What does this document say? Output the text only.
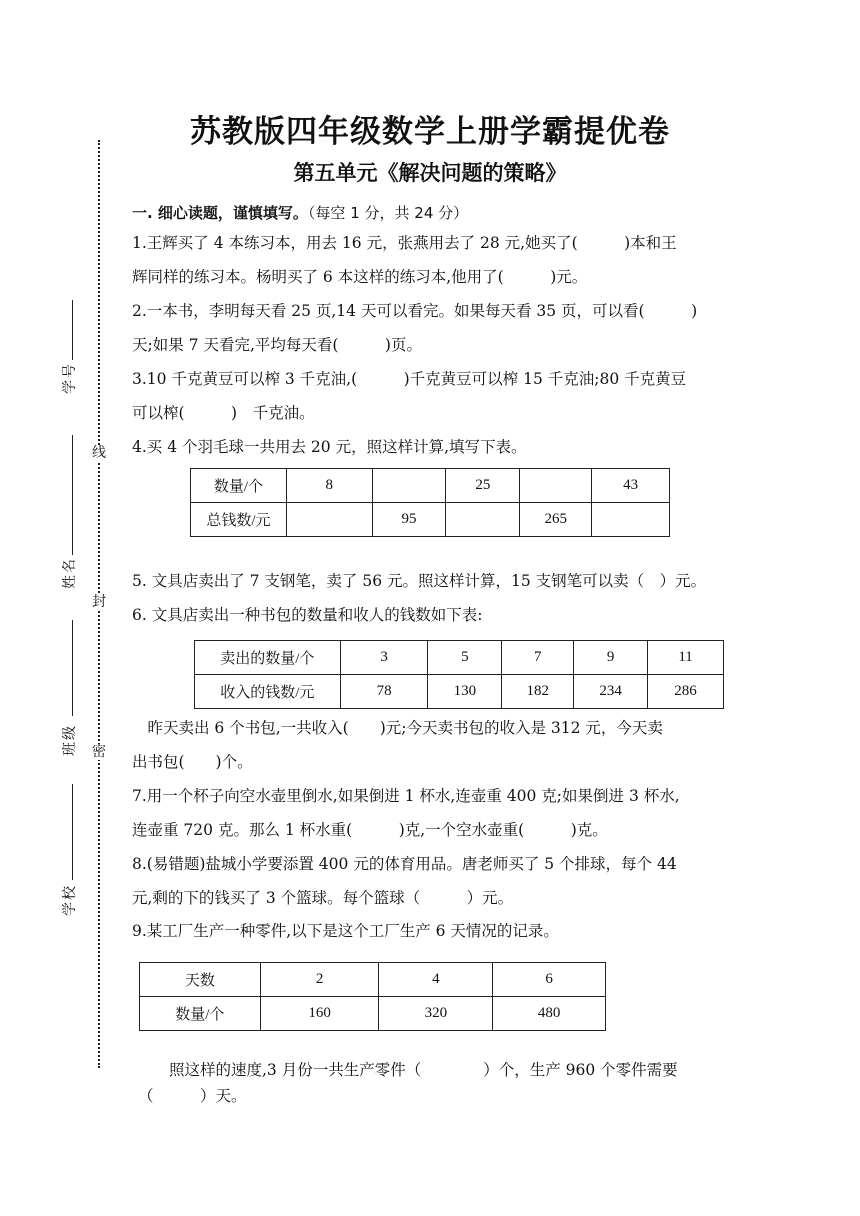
线
封
密
学号
姓名
班级
学校
苏教版四年级数学上册学霸提优卷
第五单元《解决问题的策略》
一. 细心读题，谨慎填写。（每空 1 分，共 24 分）
1.王辉买了 4 本练习本，用去 16 元，张燕用去了 28 元,她买了(　　　)本和王
辉同样的练习本。杨明买了 6 本这样的练习本,他用了(　　　)元。
2.一本书，李明每天看 25 页,14 天可以看完。如果每天看 35 页，可以看(　　　)
天;如果 7 天看完,平均每天看(　　　)页。
3.10 千克黄豆可以榨 3 千克油,(　　　)千克黄豆可以榨 15 千克油;80 千克黄豆
可以榨(　　　)　千克油。
4.买 4 个羽毛球一共用去 20 元，照这样计算,填写下表。
数量/个	8		25		43
总钱数/元		95		265	
5. 文具店卖出了 7 支钢笔，卖了 56 元。照这样计算，15 支钢笔可以卖（　）元。
6. 文具店卖出一种书包的数量和收人的钱数如下表:
卖出的数量/个	3	5	7	9	11
收入的钱数/元	78	130	182	234	286
　昨天卖出 6 个书包,一共收入(　　)元;今天卖书包的收入是 312 元，今天卖
出书包(　　)个。
7.用一个杯子向空水壶里倒水,如果倒进 1 杯水,连壶重 400 克;如果倒进 3 杯水,
连壶重 720 克。那么 1 杯水重(　　　)克,一个空水壶重(　　　)克。
8.(易错题)盐城小学要添置 400 元的体育用品。唐老师买了 5 个排球，每个 44
元,剩的下的钱买了 3 个篮球。每个篮球（　　　）元。
9.某工厂生产一种零件,以下是这个工厂生产 6 天情况的记录。
天数	2	4	6
数量/个	160	320	480
　　照这样的速度,3 月份一共生产零件（　　　　）个，生产 960 个零件需要
（　　　）天。
